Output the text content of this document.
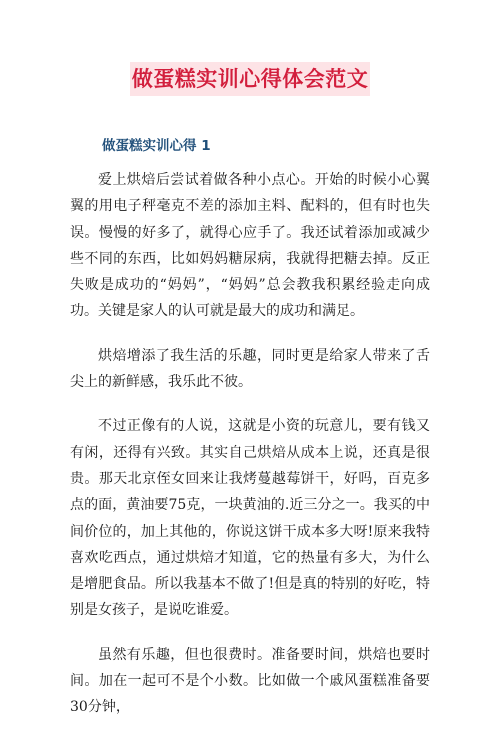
做蛋糕实训心得体会范文
做蛋糕实训心得 1

爱上烘焙后尝试着做各种小点心。开始的时候小心翼翼的用电子秤毫克不差的添加主料、配料的，但有时也失误。慢慢的好多了，就得心应手了。我还试着添加或减少些不同的东西，比如妈妈糖尿病，我就得把糖去掉。反正失败是成功的“妈妈”，“妈妈”总会教我积累经验走向成功。关键是家人的认可就是最大的成功和满足。

烘焙增添了我生活的乐趣，同时更是给家人带来了舌尖上的新鲜感，我乐此不彼。

不过正像有的人说，这就是小资的玩意儿，要有钱又有闲，还得有兴致。其实自己烘焙从成本上说，还真是很贵。那天北京侄女回来让我烤蔓越莓饼干，好吗，百克多点的面，黄油要75克，一块黄油的.近三分之一。我买的中间价位的，加上其他的，你说这饼干成本多大呀!原来我特喜欢吃西点，通过烘焙才知道，它的热量有多大，为什么是增肥食品。所以我基本不做了!但是真的特别的好吃，特别是女孩子，是说吃谁爱。

虽然有乐趣，但也很费时。准备要时间，烘焙也要时间。加在一起可不是个小数。比如做一个戚风蛋糕准备要30分钟，
